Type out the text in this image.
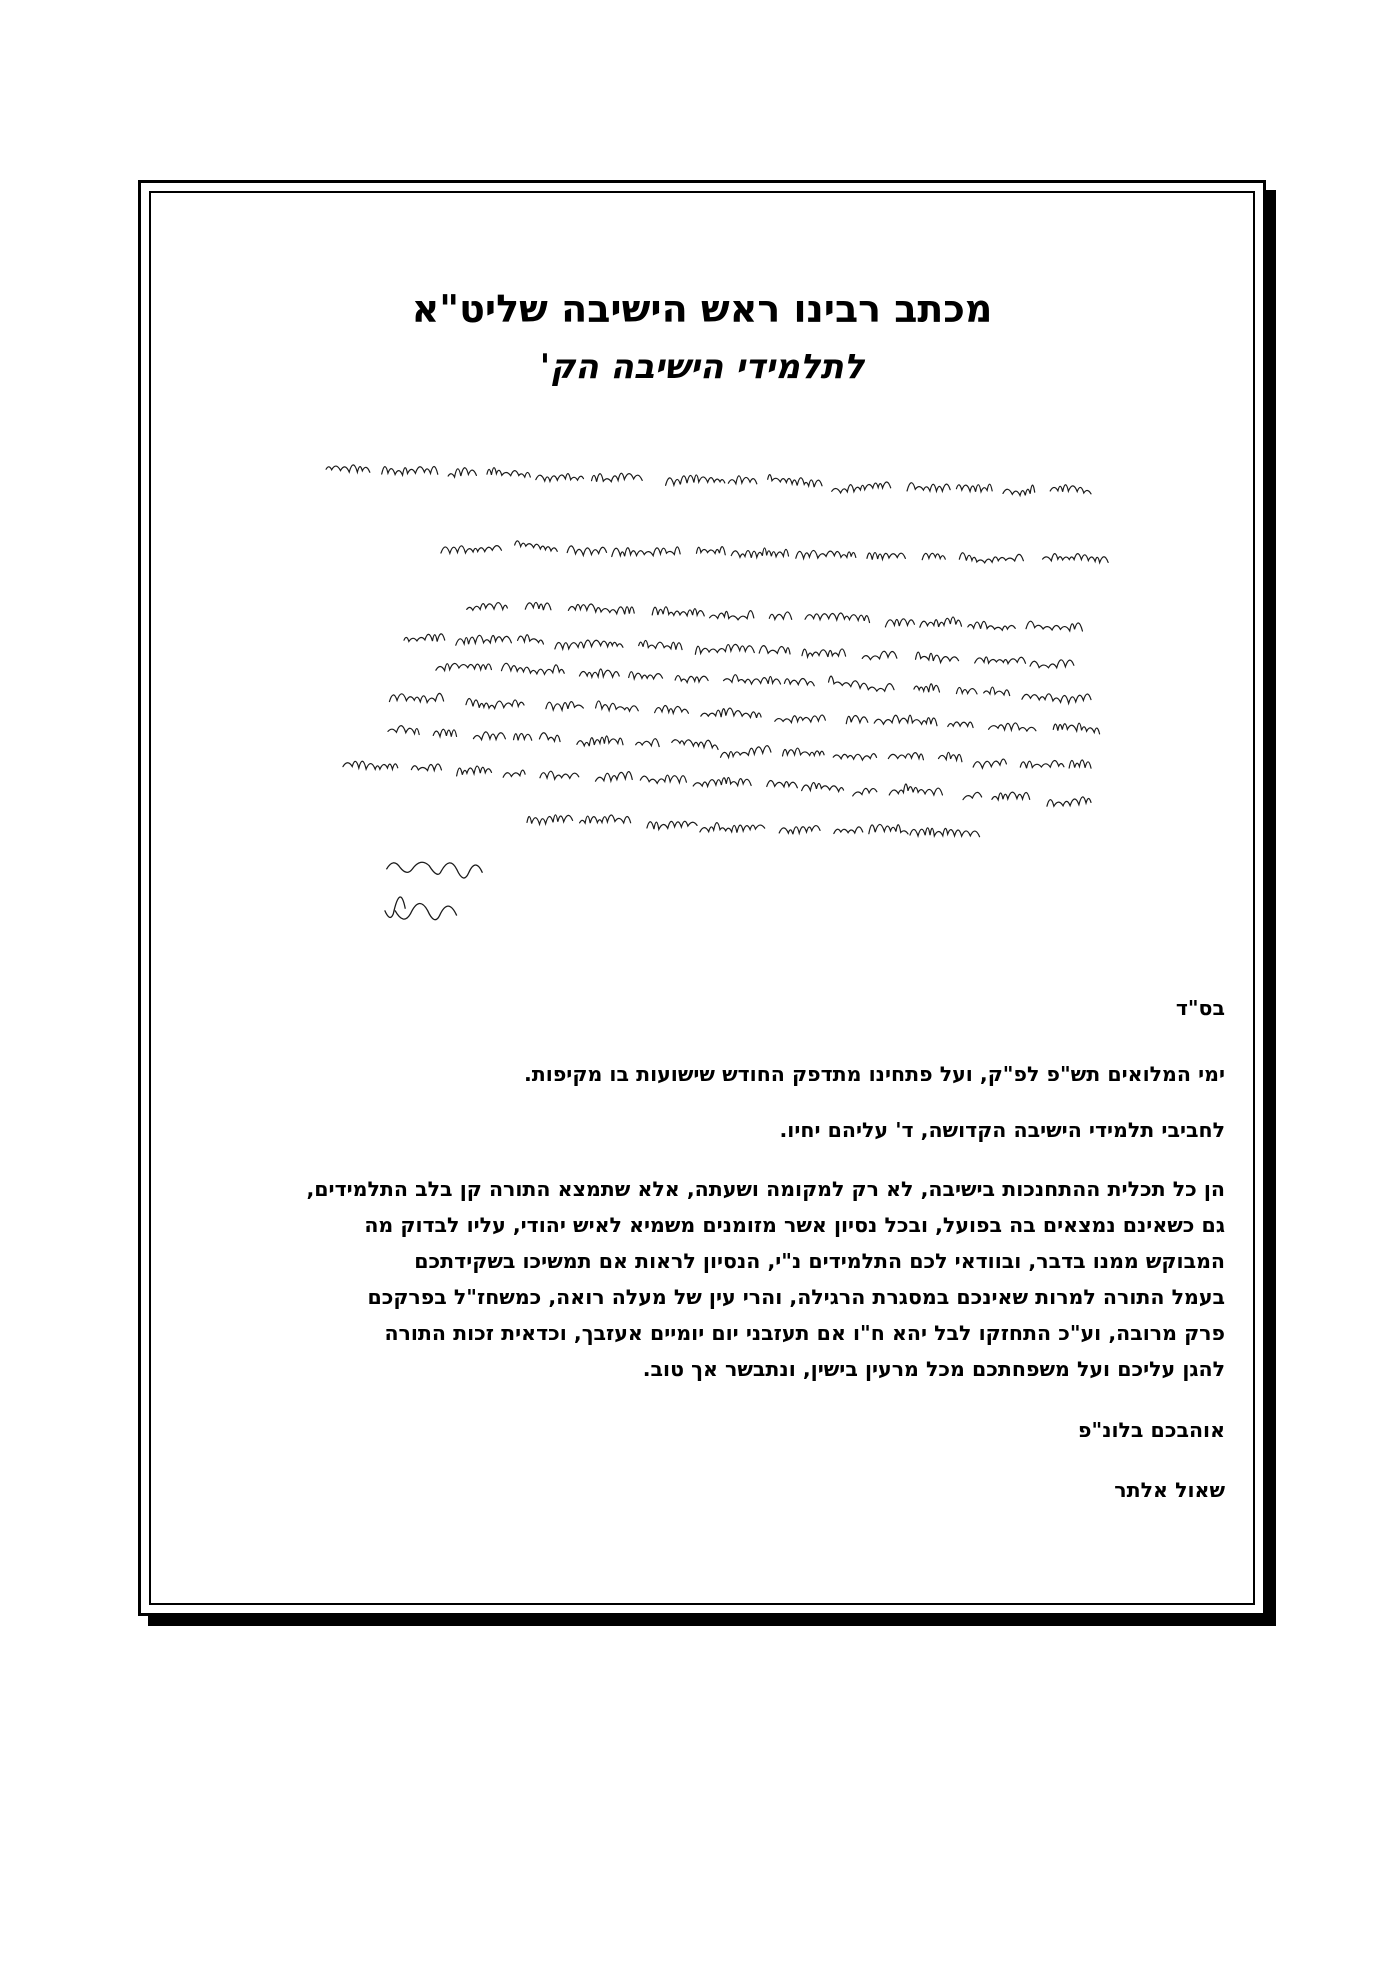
מכתב רבינו ראש הישיבה שליט"א
לתלמידי הישיבה הק'

בס"ד

ימי המלואים תש"פ לפ"ק, ועל פתחינו מתדפק החודש שישועות בו מקיפות.

לחביבי תלמידי הישיבה הקדושה, ד' עליהם יחיו.

הן כל תכלית ההתחנכות בישיבה, לא רק למקומה ושעתה, אלא שתמצא התורה קן בלב התלמידים,

גם כשאינם נמצאים בה בפועל, ובכל נסיון אשר מזומנים משמיא לאיש יהודי, עליו לבדוק מה

המבוקש ממנו בדבר, ובוודאי לכם התלמידים נ"י, הנסיון לראות אם תמשיכו בשקידתכם

בעמל התורה למרות שאינכם במסגרת הרגילה, והרי עין של מעלה רואה, כמשחז"ל בפרקכם

פרק מרובה, וע"כ התחזקו לבל יהא ח"ו אם תעזבני יום יומיים אעזבך, וכדאית זכות התורה

להגן עליכם ועל משפחתכם מכל מרעין בישין, ונתבשר אך טוב.

אוהבכם בלונ"פ

שאול אלתר
